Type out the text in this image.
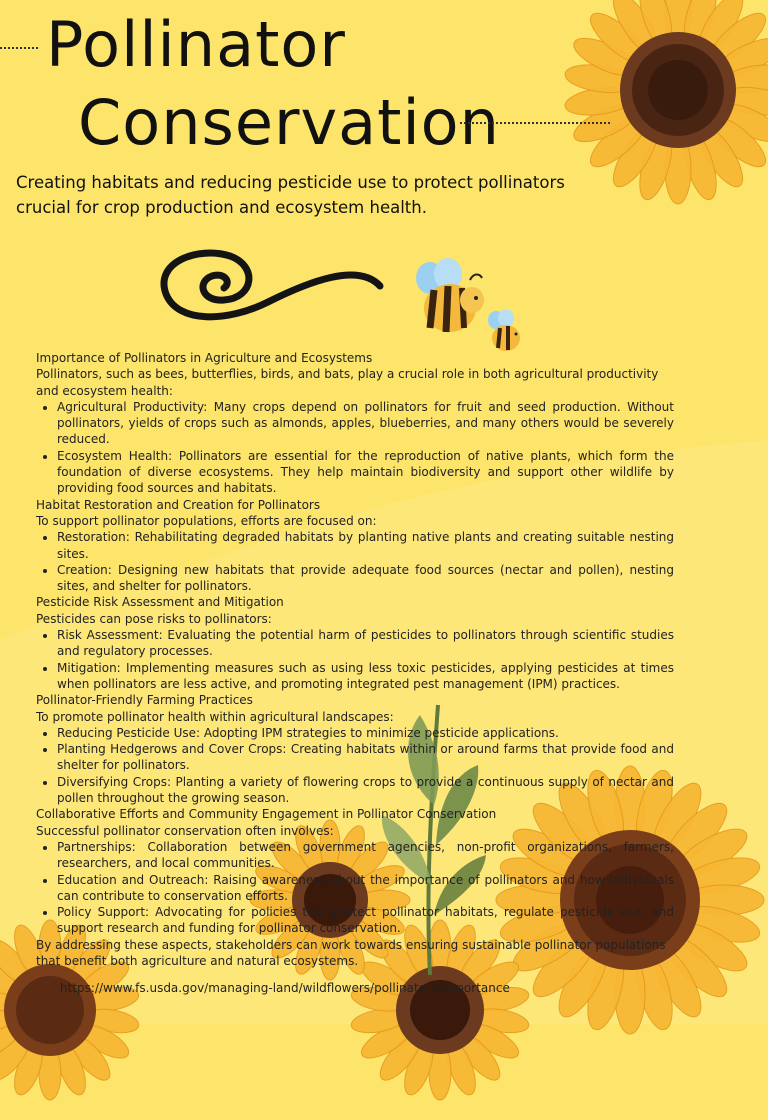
Pollinator
Conservation
Creating habitats and reducing pesticide use to protect pollinators crucial for crop production and ecosystem health.

Importance of Pollinators in Agriculture and Ecosystems

Pollinators, such as bees, butterflies, birds, and bats, play a crucial role in both agricultural productivity and ecosystem health:

• Agricultural Productivity: Many crops depend on pollinators for fruit and seed production. Without pollinators, yields of crops such as almonds, apples, blueberries, and many others would be severely reduced.
• Ecosystem Health: Pollinators are essential for the reproduction of native plants, which form the foundation of diverse ecosystems. They help maintain biodiversity and support other wildlife by providing food sources and habitats.

Habitat Restoration and Creation for Pollinators

To support pollinator populations, efforts are focused on:

• Restoration: Rehabilitating degraded habitats by planting native plants and creating suitable nesting sites.
• Creation: Designing new habitats that provide adequate food sources (nectar and pollen), nesting sites, and shelter for pollinators.

Pesticide Risk Assessment and Mitigation

Pesticides can pose risks to pollinators:

• Risk Assessment: Evaluating the potential harm of pesticides to pollinators through scientific studies and regulatory processes.
• Mitigation: Implementing measures such as using less toxic pesticides, applying pesticides at times when pollinators are less active, and promoting integrated pest management (IPM) practices.

Pollinator-Friendly Farming Practices

To promote pollinator health within agricultural landscapes:

• Reducing Pesticide Use: Adopting IPM strategies to minimize pesticide applications.
• Planting Hedgerows and Cover Crops: Creating habitats within or around farms that provide food and shelter for pollinators.
• Diversifying Crops: Planting a variety of flowering crops to provide a continuous supply of nectar and pollen throughout the growing season.

Collaborative Efforts and Community Engagement in Pollinator Conservation

Successful pollinator conservation often involves:

• Partnerships: Collaboration between government agencies, non-profit organizations, farmers, researchers, and local communities.
• Education and Outreach: Raising awareness about the importance of pollinators and how individuals can contribute to conservation efforts.
• Policy Support: Advocating for policies that protect pollinator habitats, regulate pesticide use, and support research and funding for pollinator conservation.

By addressing these aspects, stakeholders can work towards ensuring sustainable pollinator populations that benefit both agriculture and natural ecosystems.

https://www.fs.usda.gov/managing-land/wildflowers/pollinators/importance
